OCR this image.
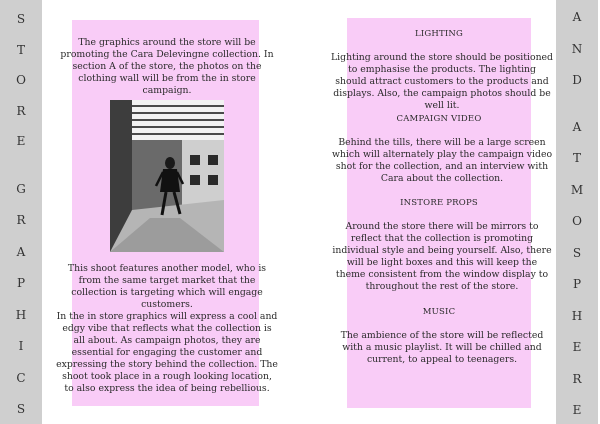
S
T
O
R
E
G
R
A
P
H
I
C
S
A
N
D
A
T
M
O
S
P
H
E
R
E
The graphics around the store will be promoting the Cara Delevingne collection. In section A of the store, the photos on the clothing wall will be from the in store campaign.
This shoot features another model, who is from the same target market that the collection is targeting which will engage customers.
In the in store graphics will express a cool and edgy vibe that reflects what the collection is all about. As campaign photos, they are essential for engaging the customer and expressing the story behind the collection. The shoot took place in a rough looking location, to also express the idea of being rebellious.
LIGHTING
Lighting around the store should be positioned to emphasise the products. The lighting should attract customers to the products and displays. Also, the campaign photos should be well lit.
CAMPAIGN VIDEO
Behind the tills, there will be a large screen which will alternately play the campaign video shot for the collection, and an interview with Cara about the collection.
INSTORE PROPS
Around the store there will be mirrors to reflect that the collection is promoting individual style and being yourself. Also, there will be light boxes and this will keep the theme consistent from the window display to throughout the rest of the store.
MUSIC
The ambience of the store will be reflected with a music playlist. It will be chilled and current, to appeal to teenagers.
